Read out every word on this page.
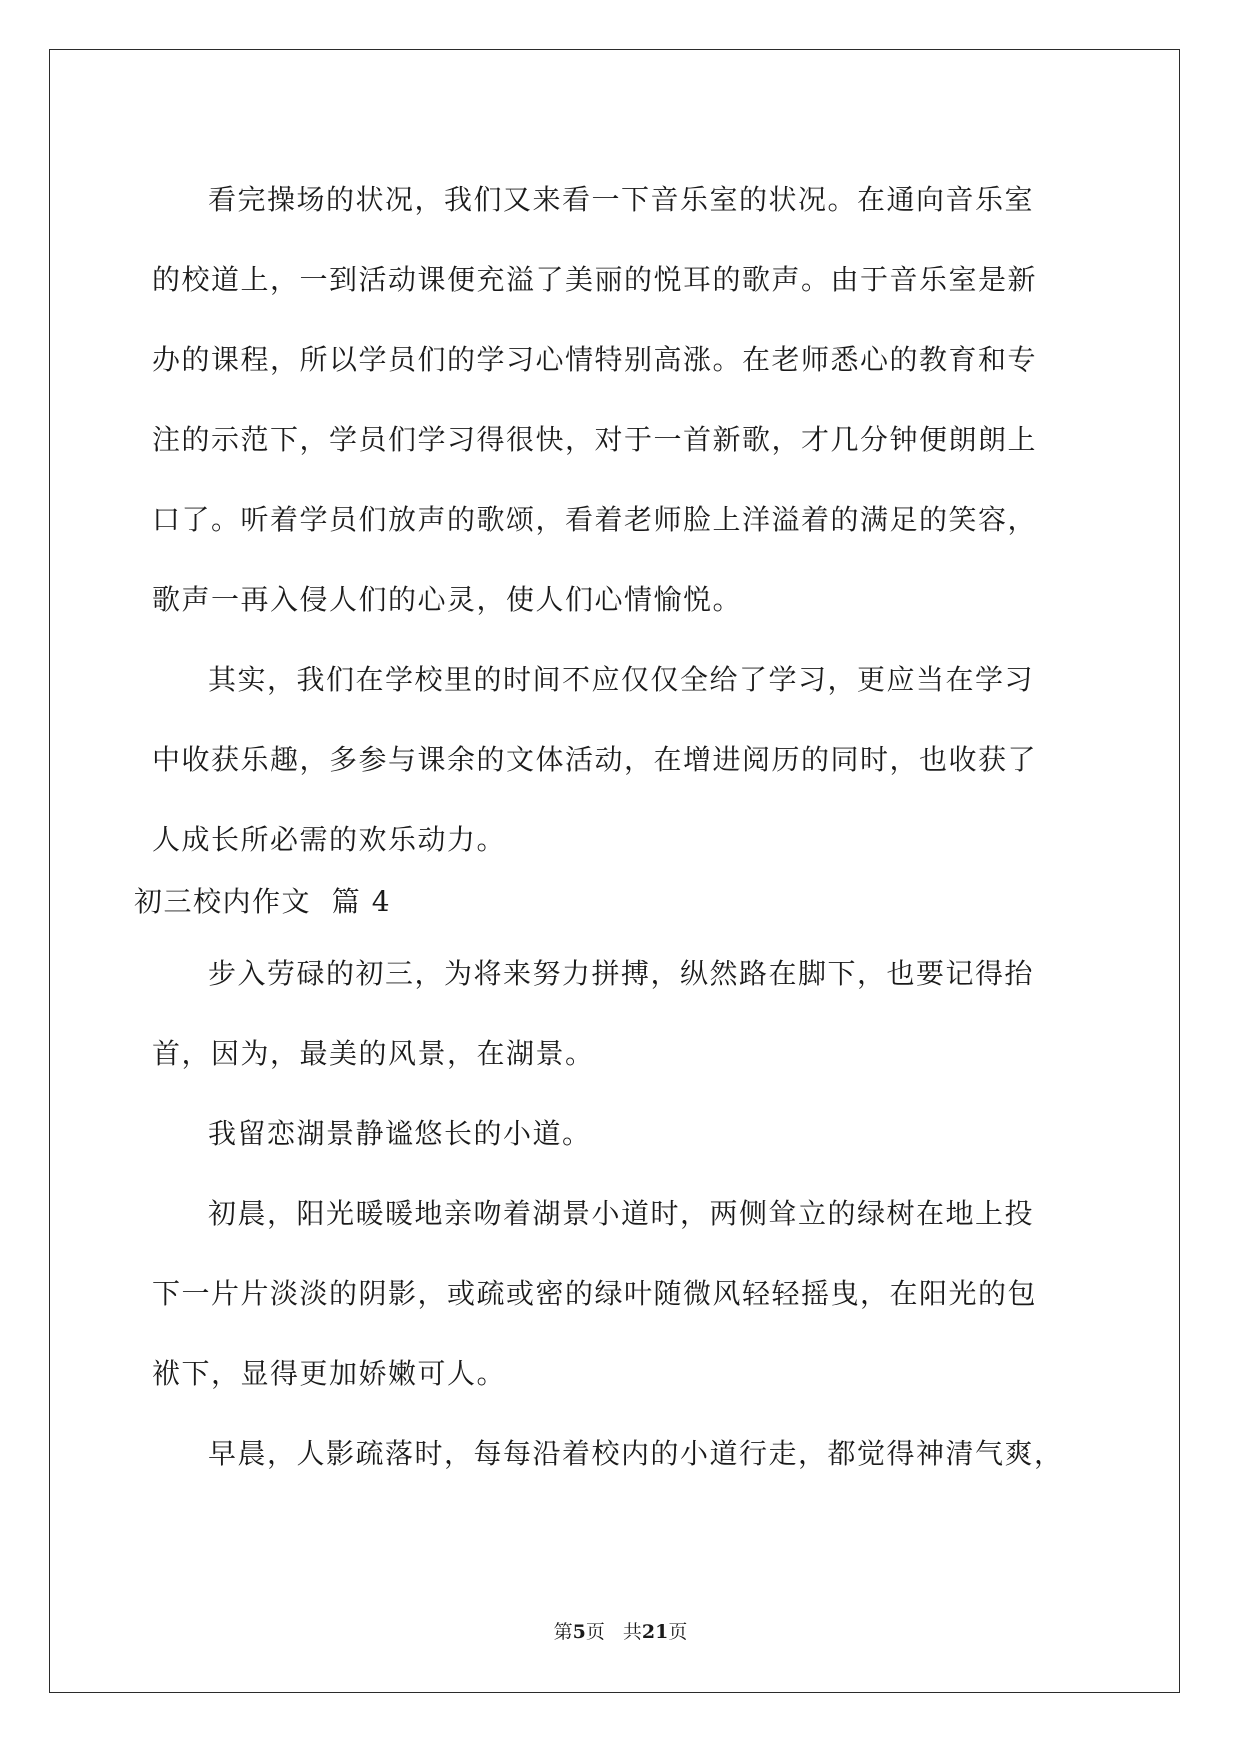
看完操场的状况，我们又来看一下音乐室的状况。在通向音乐室
的校道上，一到活动课便充溢了美丽的悦耳的歌声。由于音乐室是新
办的课程，所以学员们的学习心情特别高涨。在老师悉心的教育和专
注的示范下，学员们学习得很快，对于一首新歌，才几分钟便朗朗上
口了。听着学员们放声的歌颂，看着老师脸上洋溢着的满足的笑容，
歌声一再入侵人们的心灵，使人们心情愉悦。
其实，我们在学校里的时间不应仅仅全给了学习，更应当在学习
中收获乐趣，多参与课余的文体活动，在增进阅历的同时，也收获了
人成长所必需的欢乐动力。
初三校内作文  篇 4
步入劳碌的初三，为将来努力拼搏，纵然路在脚下，也要记得抬
首，因为，最美的风景，在湖景。
我留恋湖景静谧悠长的小道。
初晨，阳光暖暖地亲吻着湖景小道时，两侧耸立的绿树在地上投
下一片片淡淡的阴影，或疏或密的绿叶随微风轻轻摇曳，在阳光的包
袱下，显得更加娇嫩可人。
早晨，人影疏落时，每每沿着校内的小道行走，都觉得神清气爽，
第5页 共21页
